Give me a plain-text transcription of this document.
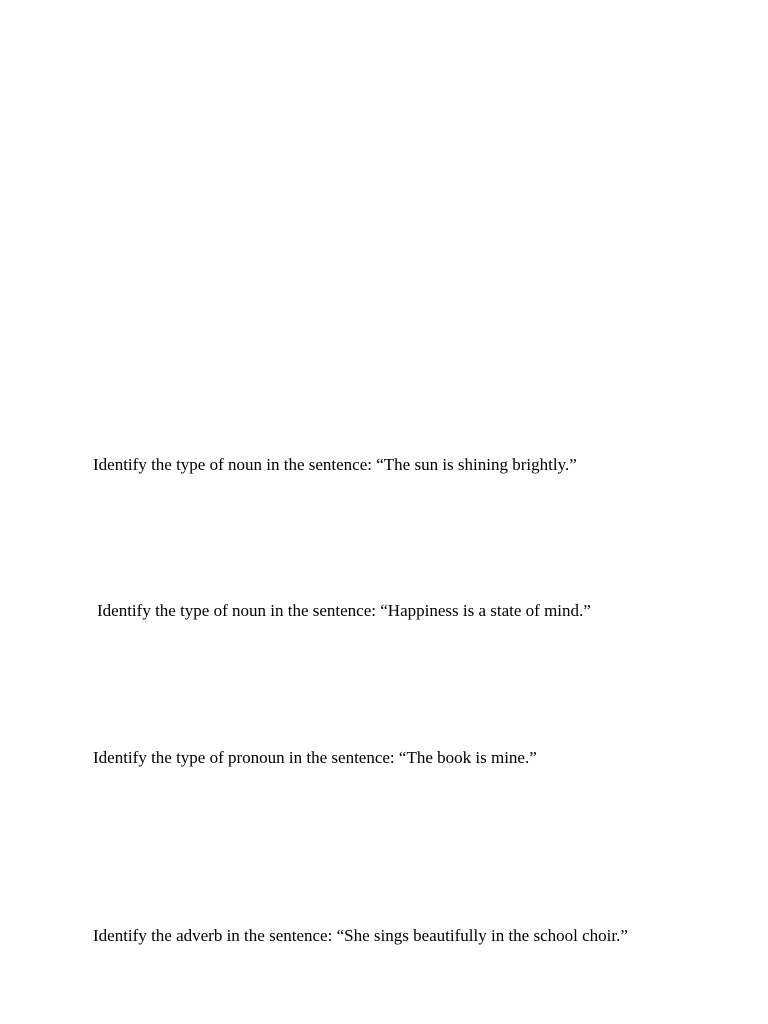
Identify the type of noun in the sentence: “The sun is shining brightly.”

Identify the type of noun in the sentence: “Happiness is a state of mind.”

Identify the type of pronoun in the sentence: “The book is mine.”

Identify the adverb in the sentence: “She sings beautifully in the school choir.”
